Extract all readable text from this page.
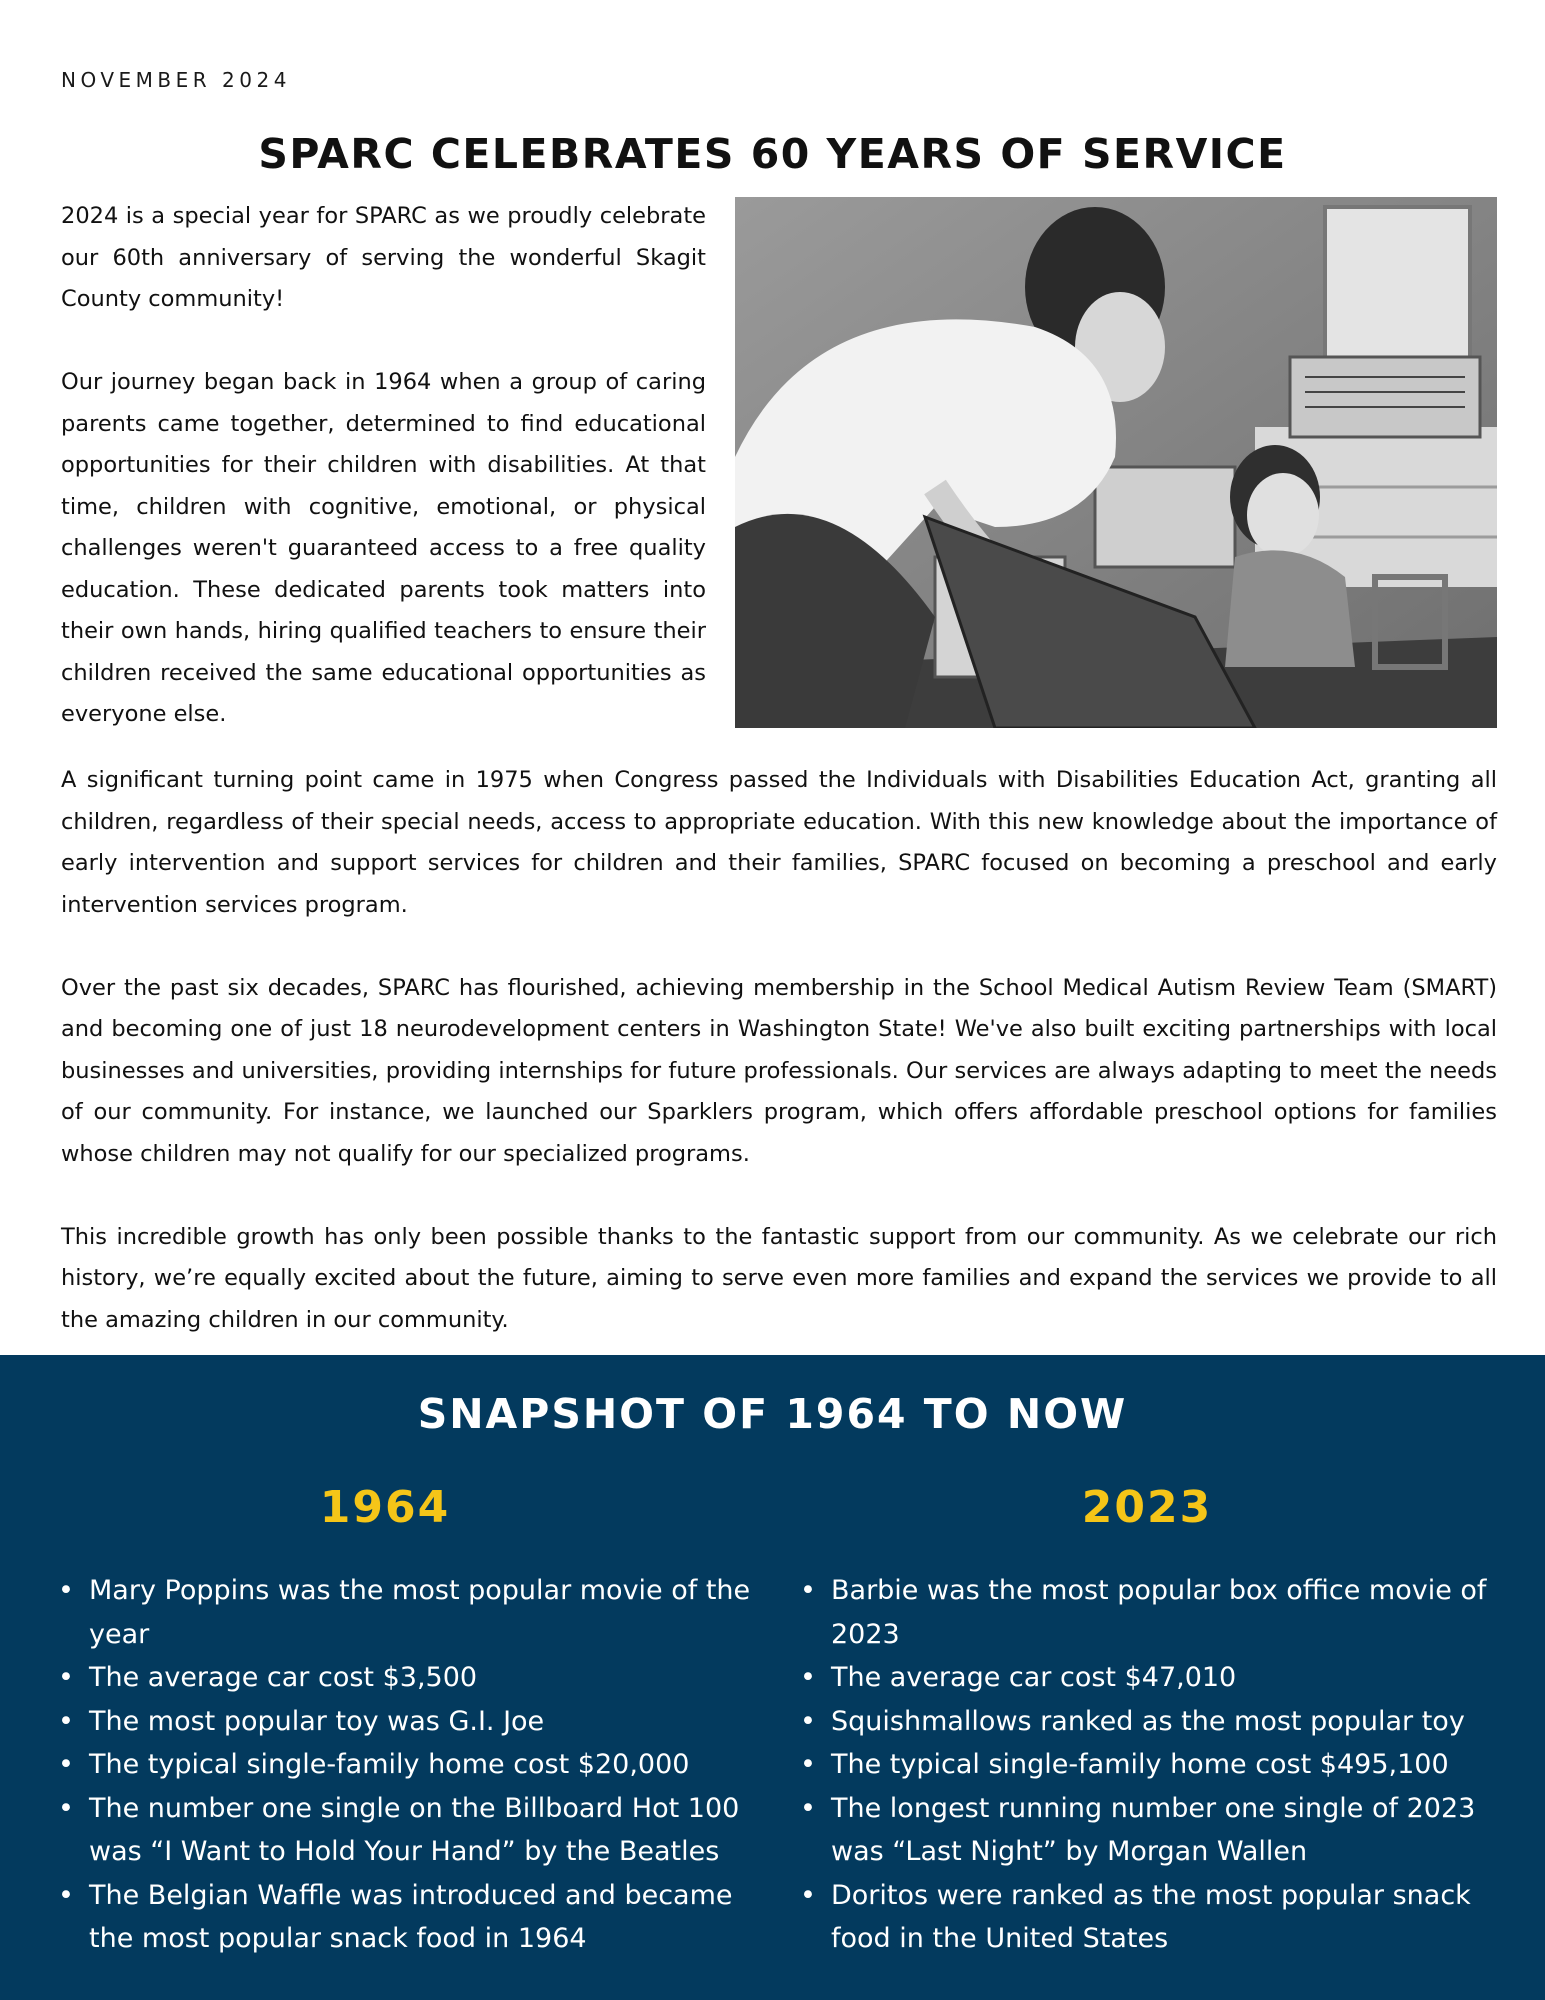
NOVEMBER 2024
SPARC CELEBRATES 60 YEARS OF SERVICE

2024 is a special year for SPARC as we proudly celebrate our 60th anniversary of serving the wonderful Skagit County community!

Our journey began back in 1964 when a group of caring parents came together, determined to find educational opportunities for their children with disabilities. At that time, children with cognitive, emotional, or physical challenges weren't guaranteed access to a free quality education. These dedicated parents took matters into their own hands, hiring qualified teachers to ensure their children received the same educational opportunities as everyone else.

A significant turning point came in 1975 when Congress passed the Individuals with Disabilities Education Act, granting all children, regardless of their special needs, access to appropriate education. With this new knowledge about the importance of early intervention and support services for children and their families, SPARC focused on becoming a preschool and early intervention services program.

Over the past six decades, SPARC has flourished, achieving membership in the School Medical Autism Review Team (SMART) and becoming one of just 18 neurodevelopment centers in Washington State! We've also built exciting partnerships with local businesses and universities, providing internships for future professionals. Our services are always adapting to meet the needs of our community. For instance, we launched our Sparklers program, which offers affordable preschool options for families whose children may not qualify for our specialized programs.

This incredible growth has only been possible thanks to the fantastic support from our community. As we celebrate our rich history, we’re equally excited about the future, aiming to serve even more families and expand the services we provide to all the amazing children in our community.

SNAPSHOT OF 1964 TO NOW
1964	2023
• Mary Poppins was the most popular movie of the year
• The average car cost $3,500
• The most popular toy was G.I. Joe
• The typical single-family home cost $20,000
• The number one single on the Billboard Hot 100 was “I Want to Hold Your Hand” by the Beatles
• The Belgian Waffle was introduced and became the most popular snack food in 1964
• Barbie was the most popular box office movie of 2023
• The average car cost $47,010
• Squishmallows ranked as the most popular toy
• The typical single-family home cost $495,100
• The longest running number one single of 2023 was “Last Night” by Morgan Wallen
• Doritos were ranked as the most popular snack food in the United States
